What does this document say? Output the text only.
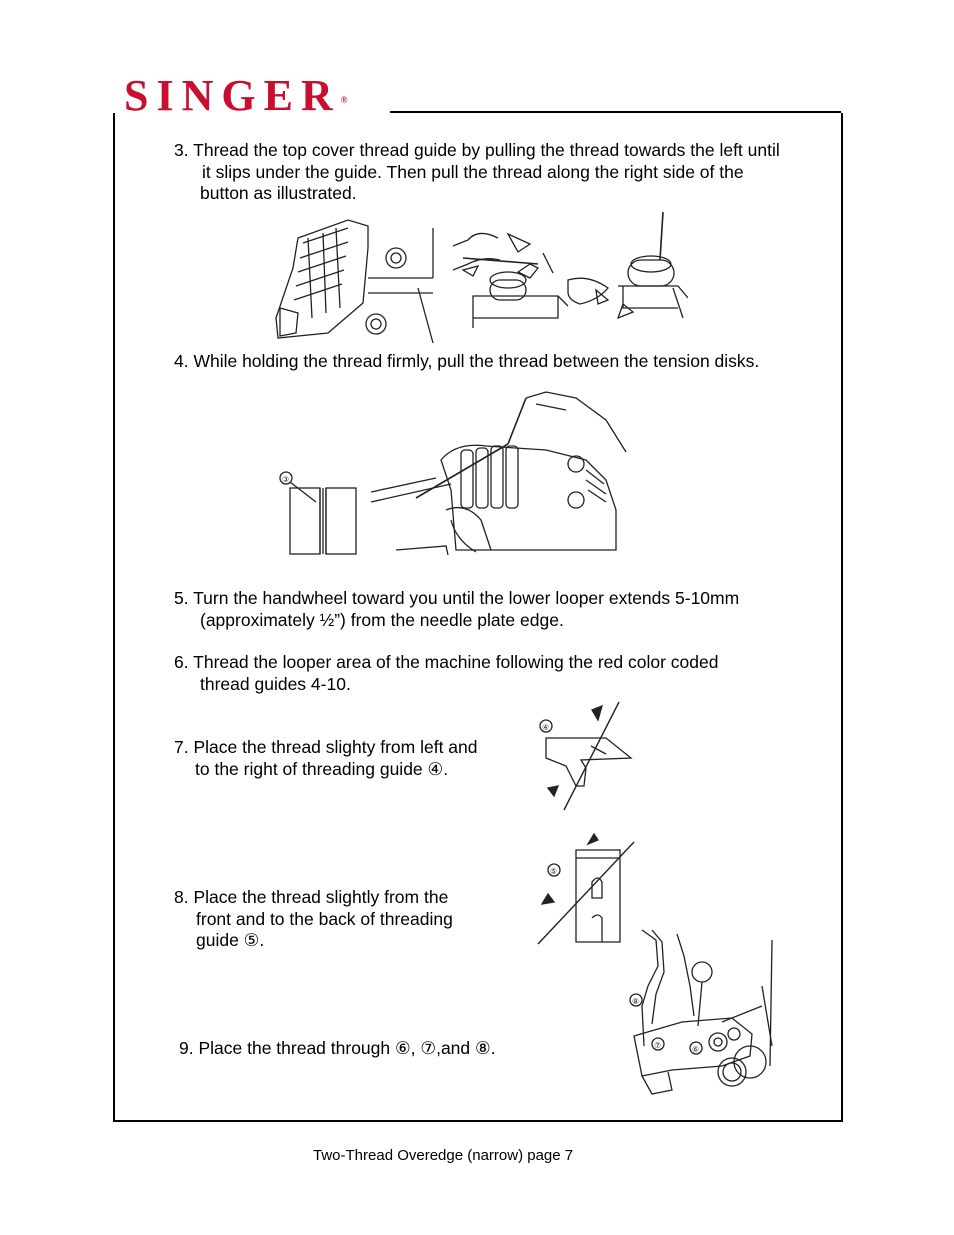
SINGER®
3. Thread the top cover thread guide by pulling the thread towards the left until
it slips under the guide. Then pull the thread along the right side of the
button as illustrated.
4. While holding the thread firmly, pull the thread between the tension disks.
③
5. Turn the handwheel toward you until the lower looper extends 5-10mm
(approximately ½”) from the needle plate edge.
6. Thread the looper area of the machine following the red color coded
thread guides 4-10.
7. Place the thread slighty from left and
to the right of threading guide ④.
④
8. Place the thread slightly from the
front and to the back of threading
guide ⑤.
⑤
9. Place the thread through ⑥, ⑦,and ⑧.
⑧
⑦	⑥
Two-Thread Overedge (narrow) page 7
